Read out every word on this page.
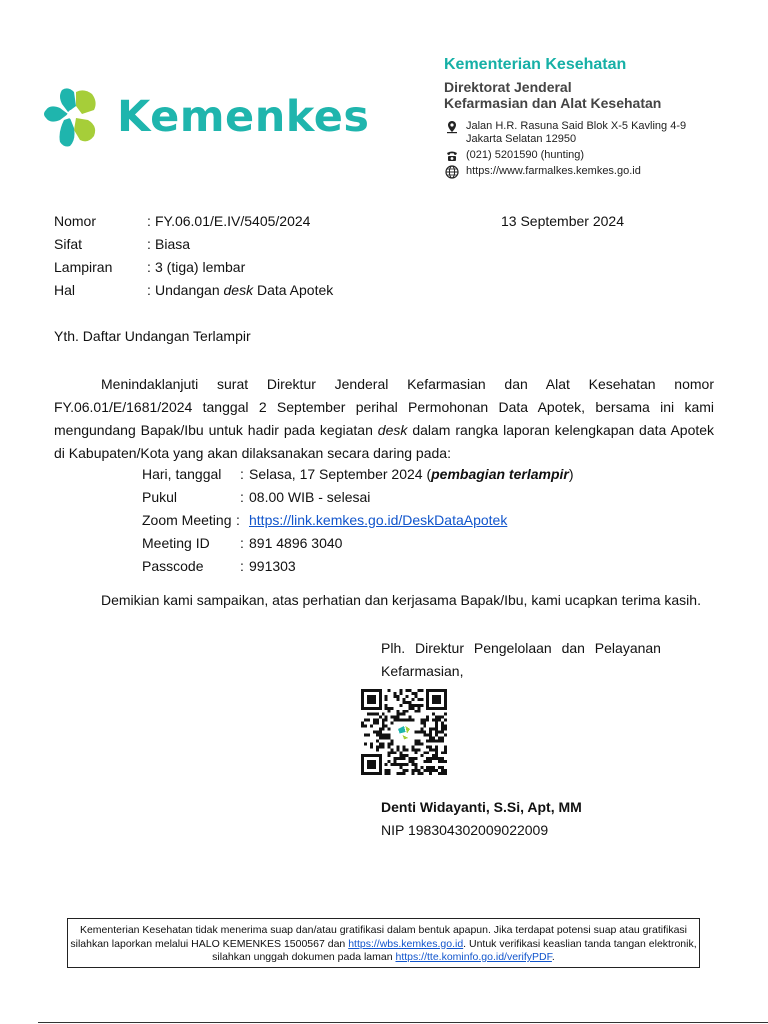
Kemenkes
Kementerian Kesehatan
Direktorat Jenderal
Kefarmasian dan Alat Kesehatan
Jalan H.R. Rasuna Said Blok X-5 Kavling 4-9
Jakarta Selatan 12950
(021) 5201590 (hunting)
https://www.farmalkes.kemkes.go.id
Nomor	: FY.06.01/E.IV/5405/2024	13 September 2024
Sifat	: Biasa
Lampiran : 3 (tiga) lembar
Hal	: Undangan desk Data Apotek
Yth. Daftar Undangan Terlampir
Menindaklanjuti surat Direktur Jenderal Kefarmasian dan Alat Kesehatan nomor FY.06.01/E/1681/2024 tanggal 2 September perihal Permohonan Data Apotek, bersama ini kami mengundang Bapak/Ibu untuk hadir pada kegiatan desk dalam rangka laporan kelengkapan data Apotek di Kabupaten/Kota yang akan dilaksanakan secara daring pada:
Hari, tanggal : Selasa, 17 September 2024 (pembagian terlampir)
Pukul	: 08.00 WIB - selesai
Zoom Meeting : https://link.kemkes.go.id/DeskDataApotek
Meeting ID : 891 4896 3040
Passcode	: 991303
Demikian kami sampaikan, atas perhatian dan kerjasama Bapak/Ibu, kami ucapkan terima kasih.
Plh. Direktur Pengelolaan dan Pelayanan
Kefarmasian,
Denti Widayanti, S.Si, Apt, MM
NIP 198304302009022009
Kementerian Kesehatan tidak menerima suap dan/atau gratifikasi dalam bentuk apapun. Jika terdapat potensi suap atau gratifikasi silahkan laporkan melalui HALO KEMENKES 1500567 dan https://wbs.kemkes.go.id. Untuk verifikasi keaslian tanda tangan elektronik, silahkan unggah dokumen pada laman https://tte.kominfo.go.id/verifyPDF.
